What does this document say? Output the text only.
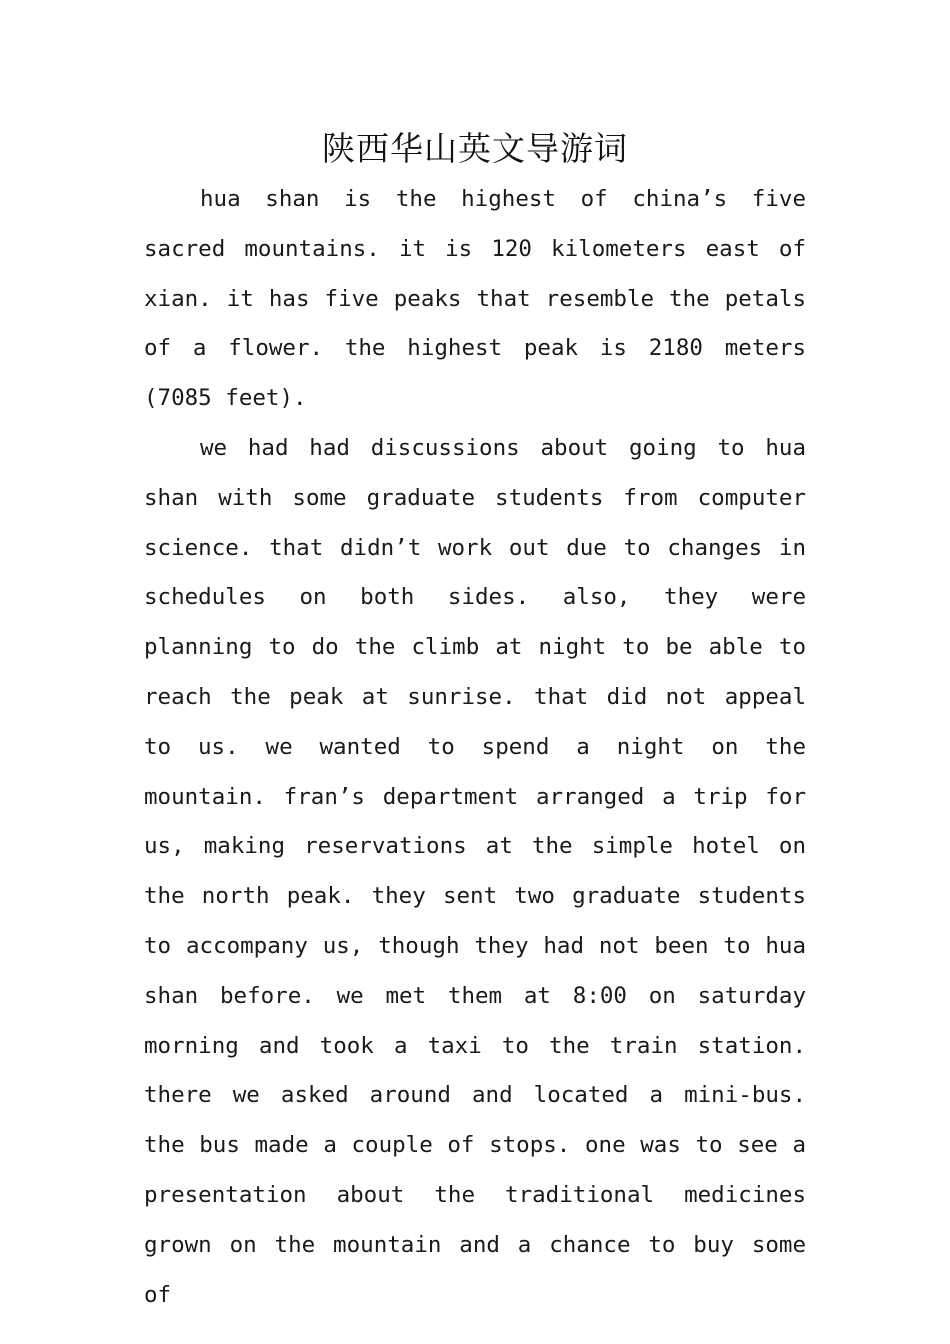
陕西华山英文导游词

hua shan is the highest of china’s five sacred mountains. it is 120 kilometers east of xian. it has five peaks that resemble the petals of a flower. the highest peak is 2180 meters (7085 feet).

we had had discussions about going to hua shan with some graduate students from computer science. that didn’t work out due to changes in schedules on both sides. also, they were planning to do the climb at night to be able to reach the peak at sunrise. that did not appeal to us. we wanted to spend a night on the mountain. fran’s department arranged a trip for us, making reservations at the simple hotel on the north peak. they sent two graduate students to accompany us, though they had not been to hua shan before. we met them at 8:00 on saturday morning and took a taxi to the train station. there we asked around and located a mini-bus. the bus made a couple of stops. one was to see a presentation about the traditional medicines grown on the mountain and a chance to buy some of
